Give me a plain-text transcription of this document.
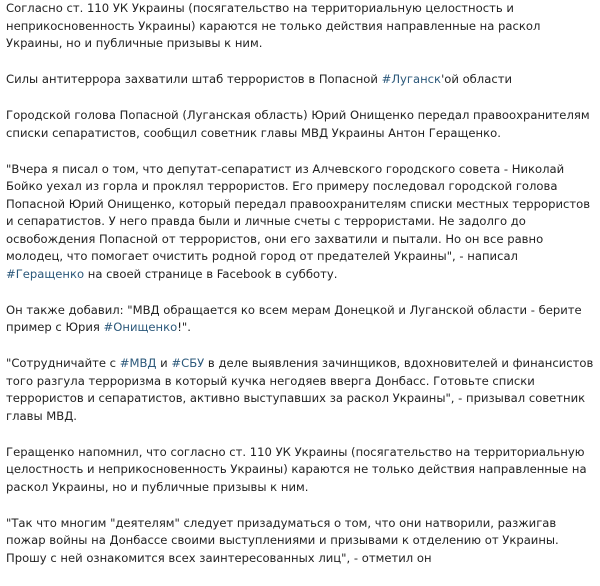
Согласно ст. 110 УК Украины (посягательство на территориальную целостность и неприкосновенность Украины) караются не только действия направленные на раскол Украины, но и публичные призывы к ним.

Силы антитеррора захватили штаб террористов в Попасной #Луганск'ой области

Городской голова Попасной (Луганская область) Юрий Онищенко передал правоохранителям списки сепаратистов, сообщил советник главы МВД Украины Антон Геращенко.

"Вчера я писал о том, что депутат-сепаратист из Алчевского городского совета - Николай Бойко уехал из горла и проклял террористов. Его примеру последовал городской голова Попасной Юрий Онищенко, который передал правоохранителям списки местных террористов и сепаратистов. У него правда были и личные счеты с террористами. Не задолго до освобождения Попасной от террористов, они его захватили и пытали. Но он все равно молодец, что помогает очистить родной город от предателей Украины", - написал #Геращенко на своей странице в Facebook в субботу.

Он также добавил: "МВД обращается ко всем мерам Донецкой и Луганской области - берите пример с Юрия #Онищенко!".

"Сотрудничайте с #МВД и #СБУ в деле выявления зачинщиков, вдохновителей и финансистов того разгула терроризма в который кучка негодяев вверга Донбасс. Готовьте списки террористов и сепаратистов, активно выступавших за раскол Украины", - призывал советник главы МВД.

Геращенко напомнил, что согласно ст. 110 УК Украины (посягательство на территориальную целостность и неприкосновенность Украины) караются не только действия направленные на раскол Украины, но и публичные призывы к ним.

"Так что многим "деятелям" следует призадуматься о том, что они натворили, разжигав пожар войны на Донбассе своими выступлениями и призывами к отделению от Украины. Прошу с ней ознакомится всех заинтересованных лиц", - отметил он
